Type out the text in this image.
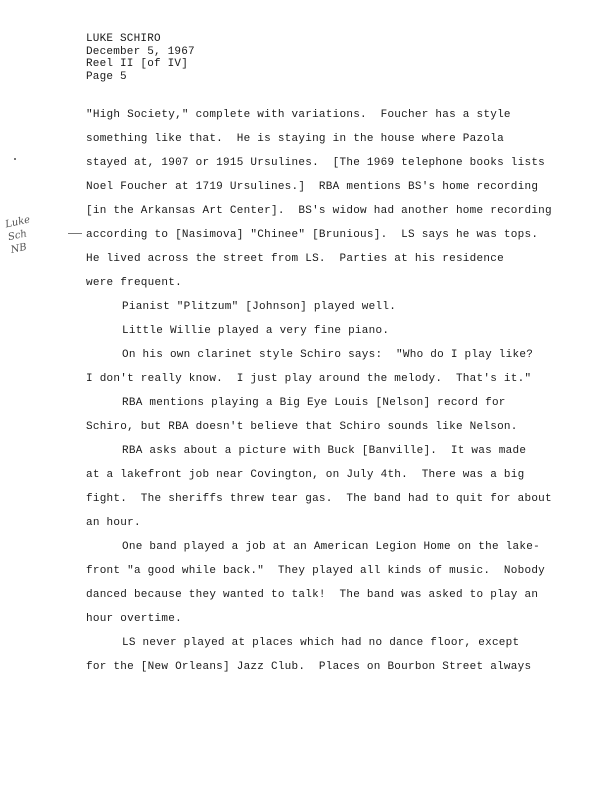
LUKE SCHIRO
December 5, 1967
Reel II [of IV]
Page 5
Luke
Sch
NB
"High Society," complete with variations.  Foucher has a style
something like that.  He is staying in the house where Pazola
stayed at, 1907 or 1915 Ursulines.  [The 1969 telephone books lists
Noel Foucher at 1719 Ursulines.]  RBA mentions BS's home recording
[in the Arkansas Art Center].  BS's widow had another home recording
according to [Nasimova] "Chinee" [Brunious].  LS says he was tops.
He lived across the street from LS.  Parties at his residence
were frequent.
Pianist "Plitzum" [Johnson] played well.
Little Willie played a very fine piano.
On his own clarinet style Schiro says:  "Who do I play like?
I don't really know.  I just play around the melody.  That's it."
RBA mentions playing a Big Eye Louis [Nelson] record for
Schiro, but RBA doesn't believe that Schiro sounds like Nelson.
RBA asks about a picture with Buck [Banville].  It was made
at a lakefront job near Covington, on July 4th.  There was a big
fight.  The sheriffs threw tear gas.  The band had to quit for about
an hour.
One band played a job at an American Legion Home on the lake-
front "a good while back."  They played all kinds of music.  Nobody
danced because they wanted to talk!  The band was asked to play an
hour overtime.
LS never played at places which had no dance floor, except
for the [New Orleans] Jazz Club.  Places on Bourbon Street always
